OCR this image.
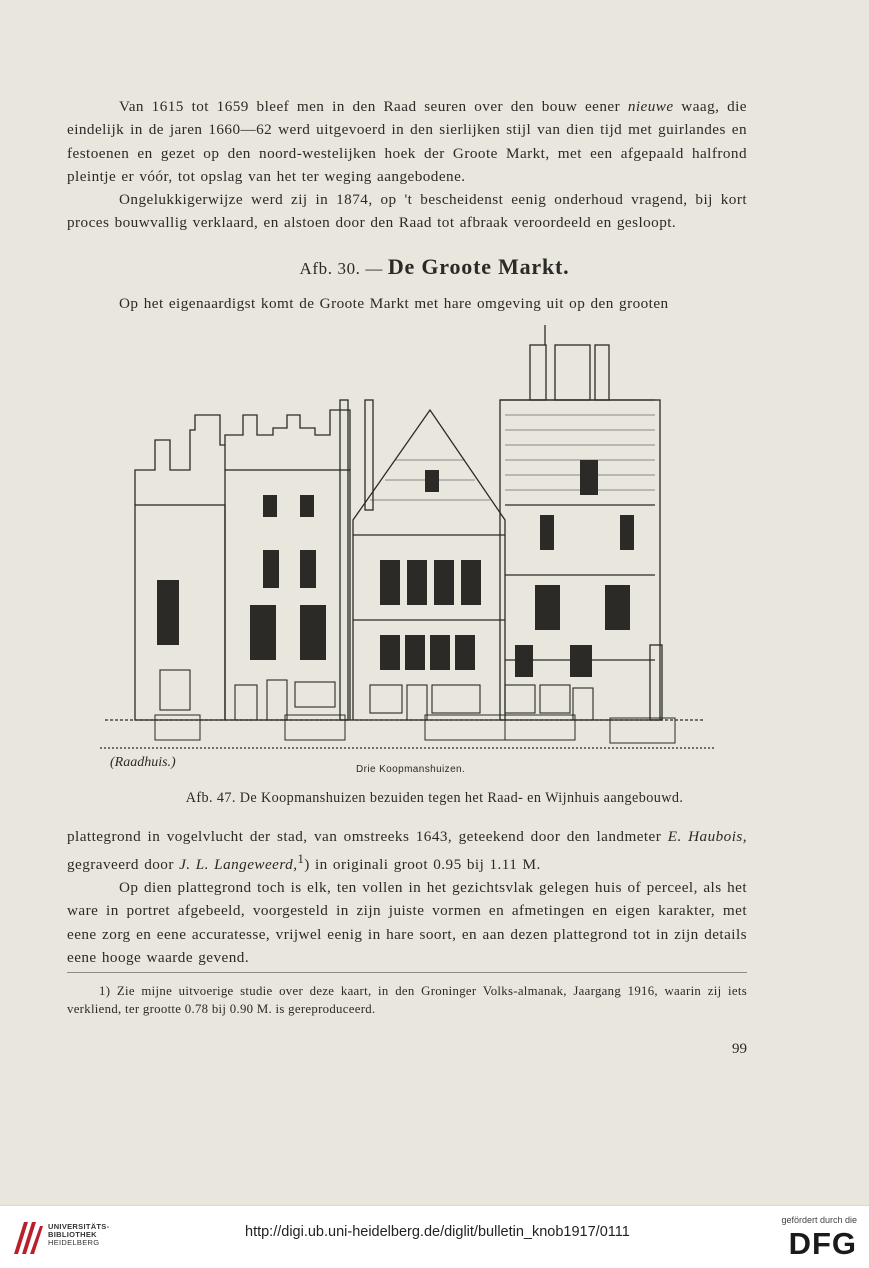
Van 1615 tot 1659 bleef men in den Raad seuren over den bouw eener nieuwe waag, die eindelijk in de jaren 1660—62 werd uitgevoerd in den sierlijken stijl van dien tijd met guirlandes en festoenen en gezet op den noord-westelijken hoek der Groote Markt, met een afgepaald halfrond pleintje er vóór, tot opslag van het ter weging aangebodene.

Ongelukkigerwijze werd zij in 1874, op 't bescheidenst eenig onderhoud vragend, bij kort proces bouwvallig verklaard, en alstoen door den Raad tot afbraak veroordeeld en gesloopt.

Afb. 30. — De Groote Markt.

Op het eigenaardigst komt de Groote Markt met hare omgeving uit op den grooten

(Raadhuis.)	Drie Koopmanshuizen.
Afb. 47. De Koopmanshuizen bezuiden tegen het Raad- en Wijnhuis aangebouwd.

plattegrond in vogelvlucht der stad, van omstreeks 1643, geteekend door den landmeter E. Haubois, gegraveerd door J. L. Langeweerd,$^1$) in originali groot 0.95 bij 1.11 M.

Op dien plattegrond toch is elk, ten vollen in het gezichtsvlak gelegen huis of perceel, als het ware in portret afgebeeld, voorgesteld in zijn juiste vormen en afmetingen en eigen karakter, met eene zorg en eene accuratesse, vrijwel eenig in hare soort, en aan dezen plattegrond tot in zijn details eene hooge waarde gevend.

1) Zie mijne uitvoerige studie over deze kaart, in den Groninger Volks-almanak, Jaargang 1916, waarin zij iets verkliend, ter grootte 0.78 bij 0.90 M. is gereproduceerd.

99
UNIVERSITÄTS-
BIBLIOTHEK
HEIDELBERG
http://digi.ub.uni-heidelberg.de/diglit/bulletin_knob1917/0111
gefördert durch die
DFG
